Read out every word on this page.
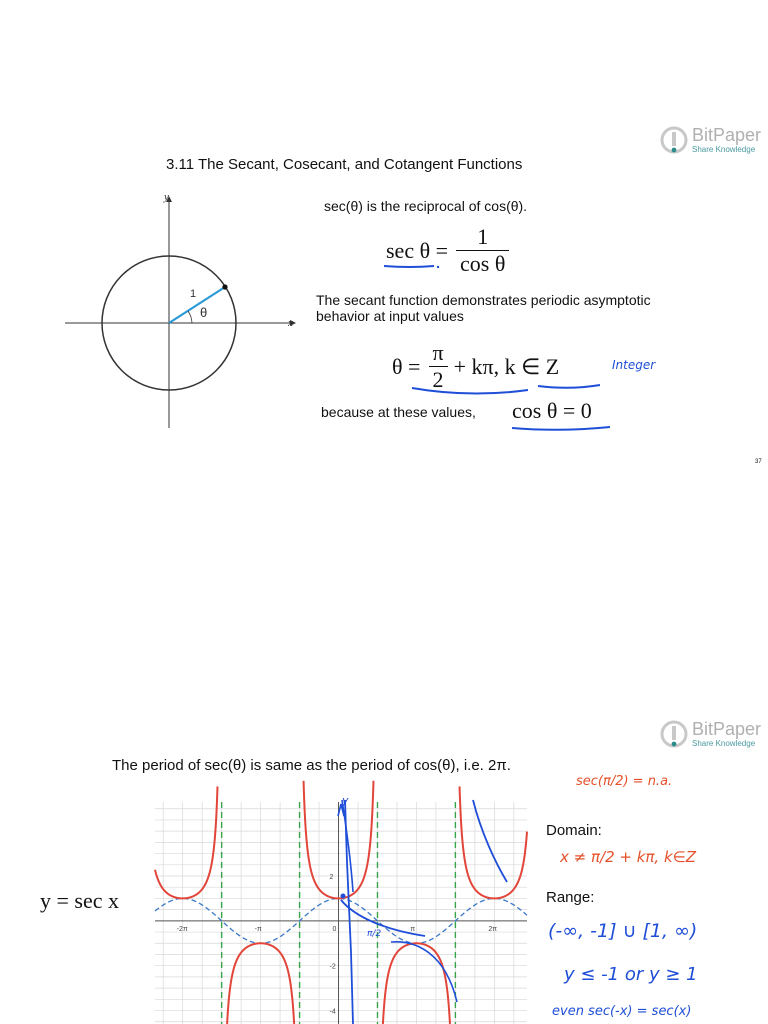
BitPaper
Share Knowledge
3.11 The Secant, Cosecant, and Cotangent Functions
y
x
1
θ
sec(θ) is the reciprocal of cos(θ).
$\sec \theta = \frac{1}{\text{cos θ}}$
The secant function demonstrates periodic asymptotic behavior at input values
$\theta = \frac{\pi}{2} + k\pi$, k ∈ Z	Integer
because at these values, cos θ = 0
37
BitPaper
Share Knowledge
The period of sec(θ) is same as the period of cos(θ), i.e. 2π.
y = sec x
-2π	-π	0	π	2π
2
-2
-4
y
π/2
sec(π/2) = n.a.
Domain:
x ≠ π/2 + kπ, k∈Z
Range:
(-∞, -1] ∪ [1, ∞)
y ≤ -1 or y ≥ 1
even sec(-x) = sec(x)
